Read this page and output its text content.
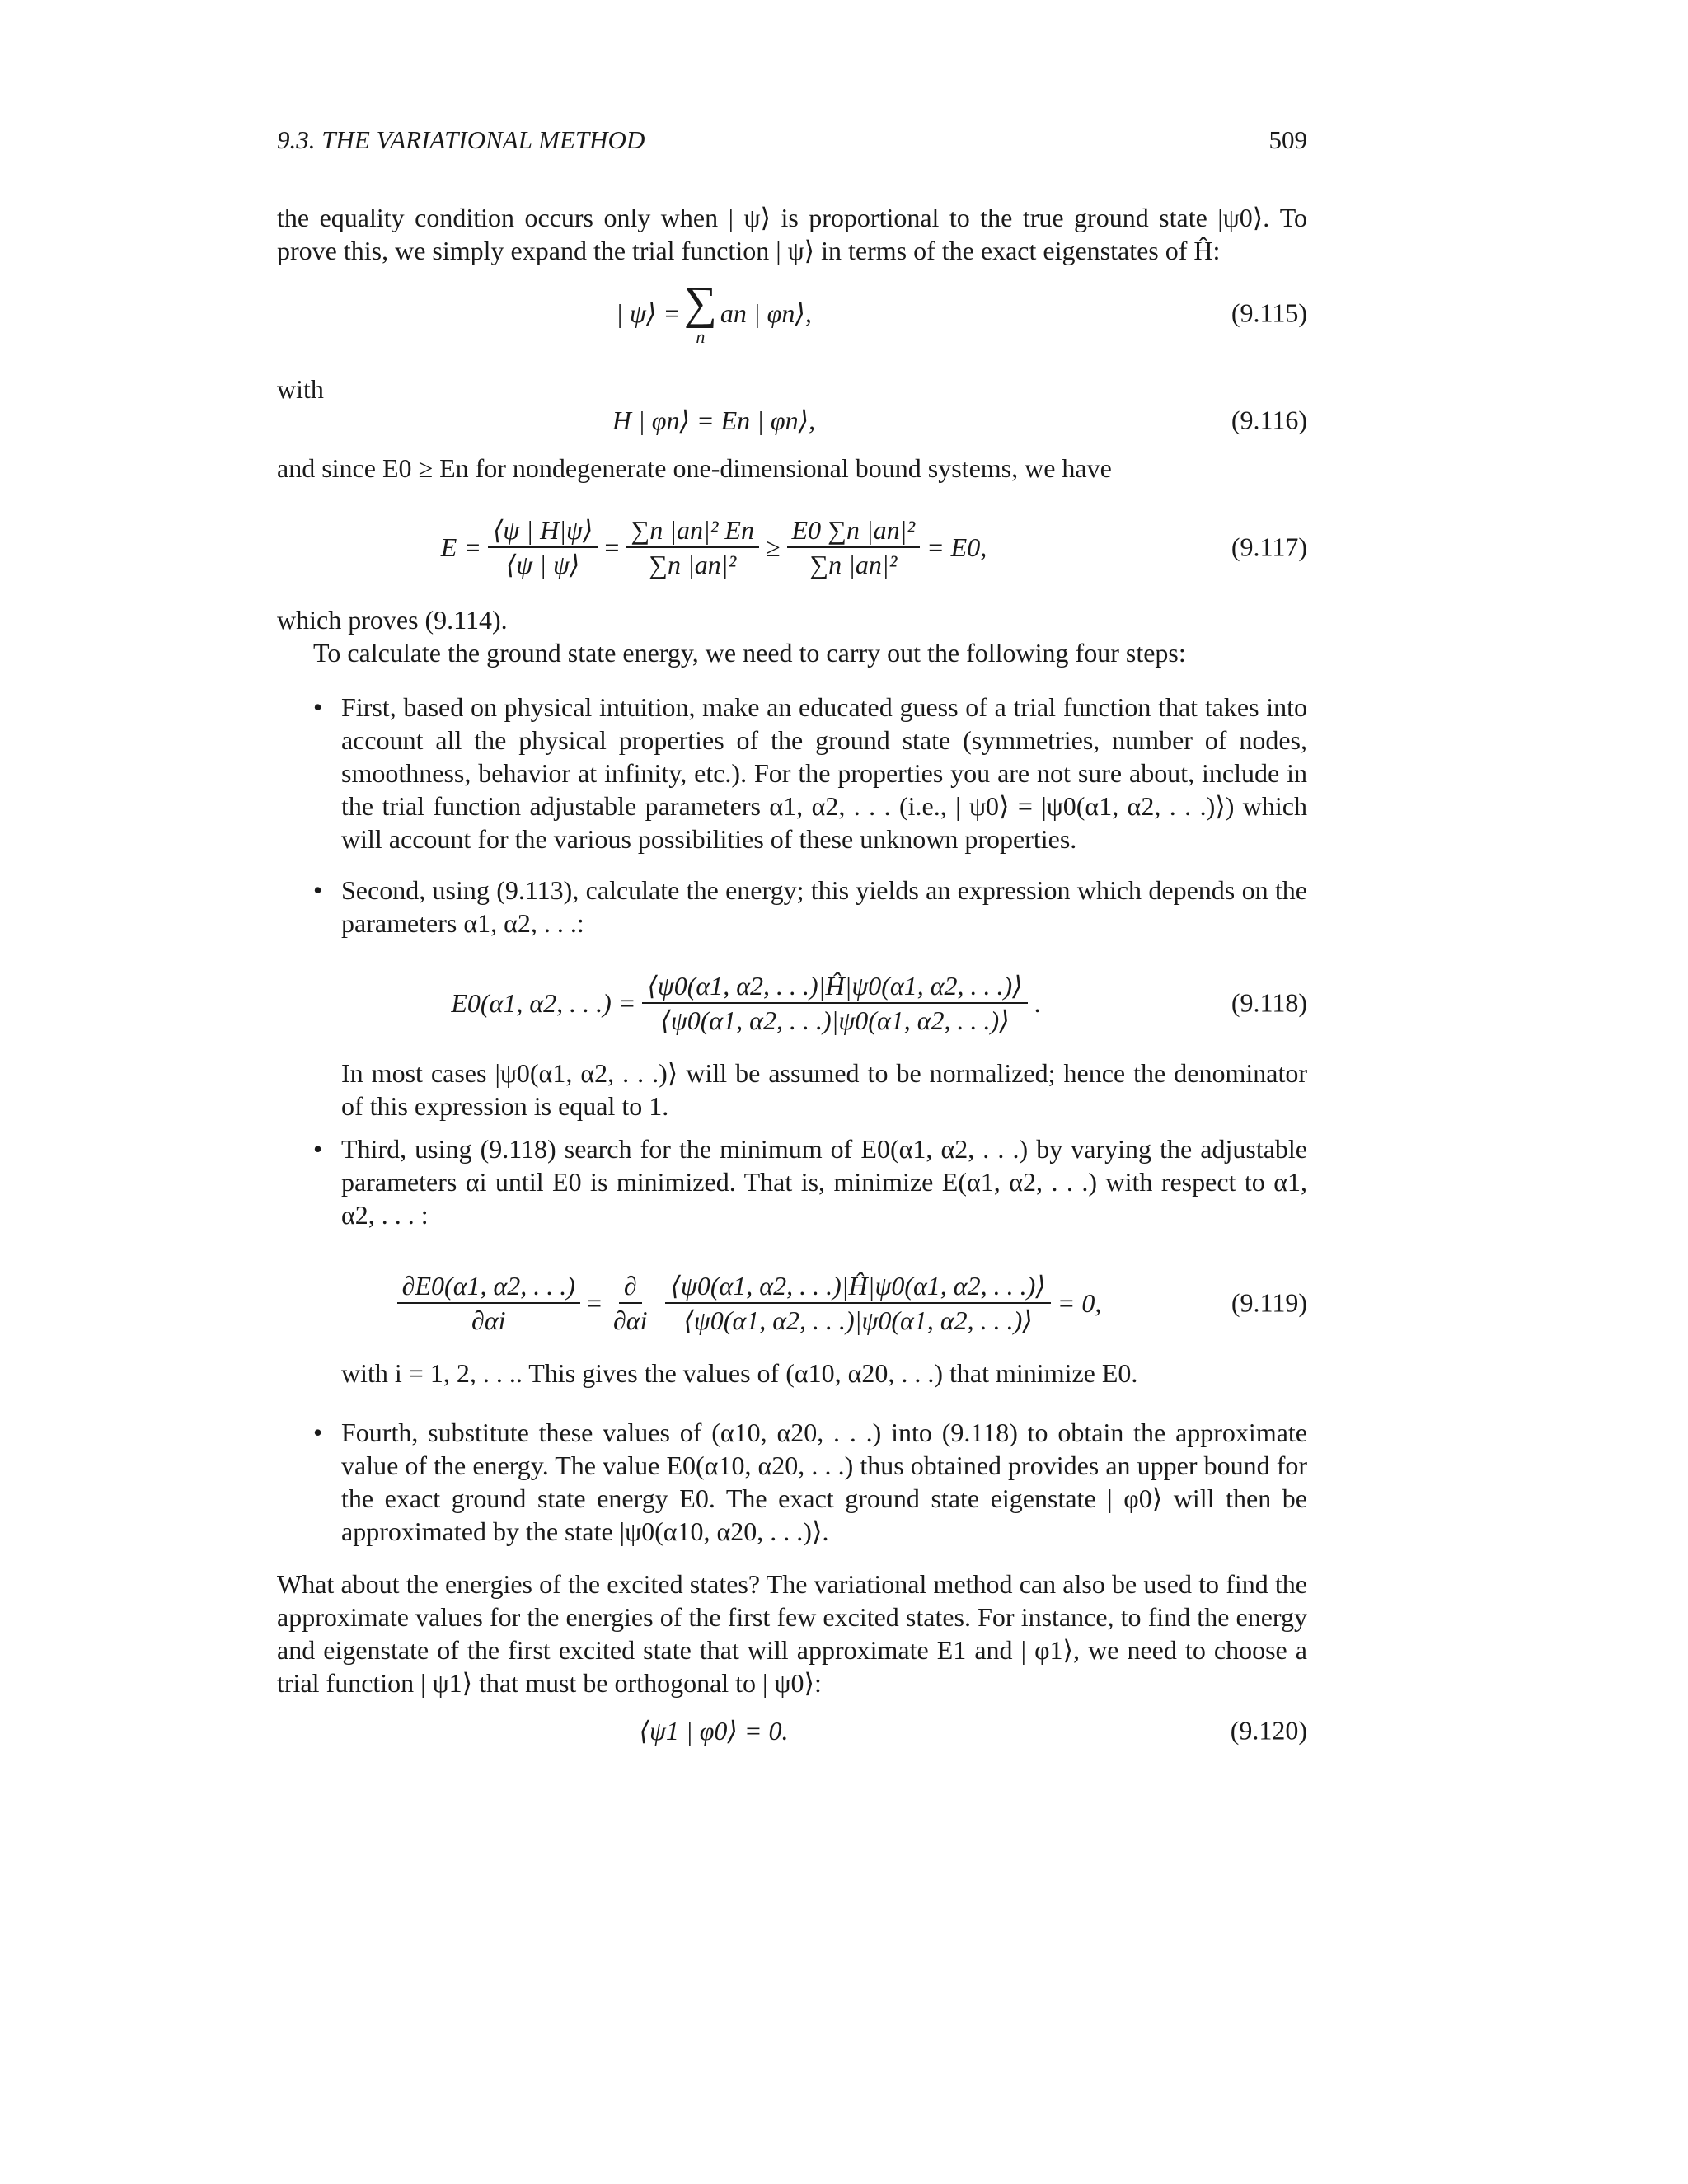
9.3. THE VARIATIONAL METHOD	509

the equality condition occurs only when | ψ⟩ is proportional to the true ground state |ψ0⟩. To prove this, we simply expand the trial function | ψ⟩ in terms of the exact eigenstates of Ĥ:

| ψ⟩ = ∑
n
an | φn⟩,	(9.115)

with

H | φn⟩ = En | φn⟩,	(9.116)

and since E0 ≥ En for nondegenerate one-dimensional bound systems, we have

$E = \frac{⟨\psi | H|\psi⟩}{⟨\psi | \psi⟩} = \frac{\text{∑n |an|² En}}{\text{∑n |an|²}} \ge \frac{\text{E0 ∑n |an|²}}{\text{∑n |an|²}} = E0$,	(9.117)

which proves (9.114).

To calculate the ground state energy, we need to carry out the following four steps:

• First, based on physical intuition, make an educated guess of a trial function that takes into account all the physical properties of the ground state (symmetries, number of nodes, smoothness, behavior at infinity, etc.). For the properties you are not sure about, include in the trial function adjustable parameters α1, α2, . . . (i.e., | ψ0⟩ = |ψ0(α1, α2, . . .)⟩) which will account for the various possibilities of these unknown properties.

• Second, using (9.113), calculate the energy; this yields an expression which depends on the parameters α1, α2, . . .:

• Third, using (9.118) search for the minimum of E0(α1, α2, . . .) by varying the adjustable parameters αi until E0 is minimized. That is, minimize E(α1, α2, . . .) with respect to α1, α2, . . . :

• Fourth, substitute these values of (α10, α20, . . .) into (9.118) to obtain the approximate value of the energy. The value E0(α10, α20, . . .) thus obtained provides an upper bound for the exact ground state energy E0. The exact ground state eigenstate | φ0⟩ will then be approximated by the state |ψ0(α10, α20, . . .)⟩.

E0(α1, α2, . . .) = $\frac{⟨\psi 0(\alpha 1, \alpha 2, . . .)|Ĥ|\psi 0(\alpha 1, \alpha 2, . . .)⟩}{⟨\psi 0(\alpha 1, \alpha 2, . . .)|\psi 0(\alpha 1, \alpha 2, . . .)⟩}$ .	(9.118)

In most cases |ψ0(α1, α2, . . .)⟩ will be assumed to be normalized; hence the denominator of this expression is equal to 1.

$\frac{\partial E0(\alpha 1, \alpha 2, . . .)}{\partial\alpha i} = \frac{\partial}{\partial\alpha i} \frac{⟨\psi 0(\alpha 1, \alpha 2, . . .)|Ĥ|\psi 0(\alpha 1, \alpha 2, . . .)⟩}{⟨\psi 0(\alpha 1, \alpha 2, . . .)|\psi 0(\alpha 1, \alpha 2, . . .)⟩} = 0$,	(9.119)

with i = 1, 2, . . .. This gives the values of (α10, α20, . . .) that minimize E0.

What about the energies of the excited states? The variational method can also be used to find the approximate values for the energies of the first few excited states. For instance, to find the energy and eigenstate of the first excited state that will approximate E1 and | φ1⟩, we need to choose a trial function | ψ1⟩ that must be orthogonal to | ψ0⟩:

⟨ψ1 | φ0⟩ = 0.	(9.120)
